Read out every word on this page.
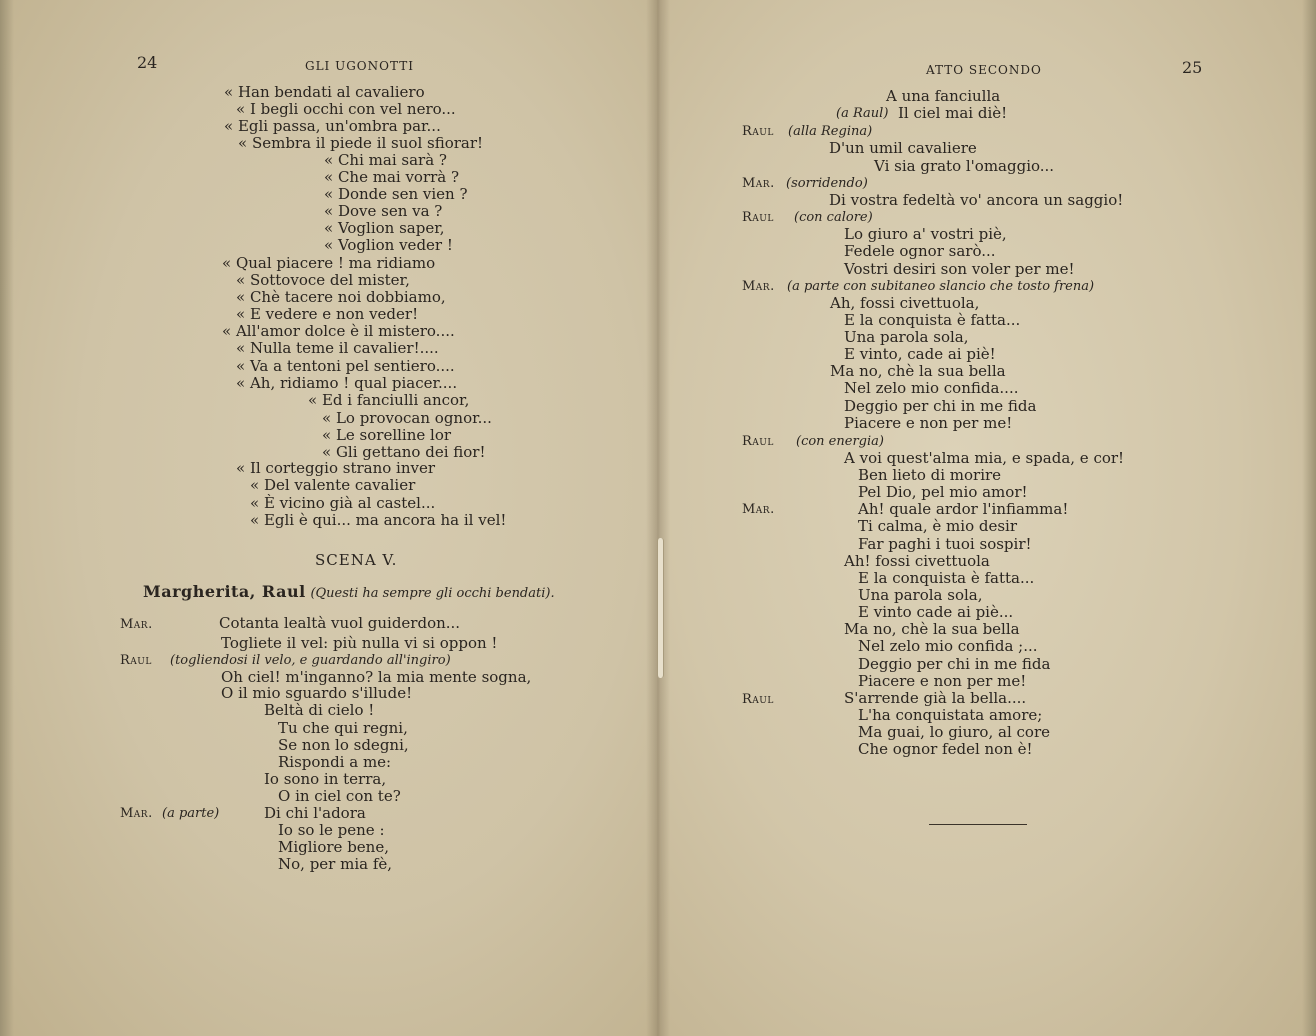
24	GLI UGONOTTI
« Han bendati al cavaliero
« I begli occhi con vel nero...
« Egli passa, un'ombra par...
« Sembra il piede il suol sfiorar!
« Chi mai sarà ?
« Che mai vorrà ?
« Donde sen vien ?
« Dove sen va ?
« Voglion saper,
« Voglion veder !
« Qual piacere ! ma ridiamo
« Sottovoce del mister,
« Chè tacere noi dobbiamo,
« E vedere e non veder!
« All'amor dolce è il mistero....
« Nulla teme il cavalier!....
« Va a tentoni pel sentiero....
« Ah, ridiamo ! qual piacer....
« Ed i fanciulli ancor,
« Lo provocan ognor...
« Le sorelline lor
« Gli gettano dei fior!
« Il corteggio strano inver
« Del valente cavalier
« È vicino già al castel...
« Egli è qui... ma ancora ha il vel!
SCENA V.
Margherita, Raul (Questi ha sempre gli occhi bendati).
Mar.	Cotanta lealtà vuol guiderdon...
Togliete il vel: più nulla vi si oppon !
Raul (togliendosi il velo, e guardando all'ingiro)
Oh ciel! m'inganno? la mia mente sogna,
O il mio sguardo s'illude!
Beltà di cielo !
Tu che qui regni,
Se non lo sdegni,
Rispondi a me:
Io sono in terra,
O in ciel con te?
Mar. (a parte)	Di chi l'adora
Io so le pene :
Migliore bene,
No, per mia fè,
ATTO SECONDO	25
A una fanciulla
(a Raul) Il ciel mai diè!
Raul (alla Regina)
D'un umil cavaliere
Vi sia grato l'omaggio...
Mar. (sorridendo)
Di vostra fedeltà vo' ancora un saggio!
Raul (con calore)
Lo giuro a' vostri piè,
Fedele ognor sarò...
Vostri desiri son voler per me!
Mar. (a parte con subitaneo slancio che tosto frena)
Ah, fossi civettuola,
E la conquista è fatta...
Una parola sola,
E vinto, cade ai piè!
Ma no, chè la sua bella
Nel zelo mio confida....
Deggio per chi in me fida
Piacere e non per me!
Raul (con energia)
A voi quest'alma mia, e spada, e cor!
Ben lieto di morire
Pel Dio, pel mio amor!
Mar.	Ah! quale ardor l'infiamma!
Ti calma, è mio desir
Far paghi i tuoi sospir!
Ah! fossi civettuola
E la conquista è fatta...
Una parola sola,
E vinto cade ai piè...
Ma no, chè la sua bella
Nel zelo mio confida ;...
Deggio per chi in me fida
Piacere e non per me!
Raul	S'arrende già la bella....
L'ha conquistata amore;
Ma guai, lo giuro, al core
Che ognor fedel non è!
